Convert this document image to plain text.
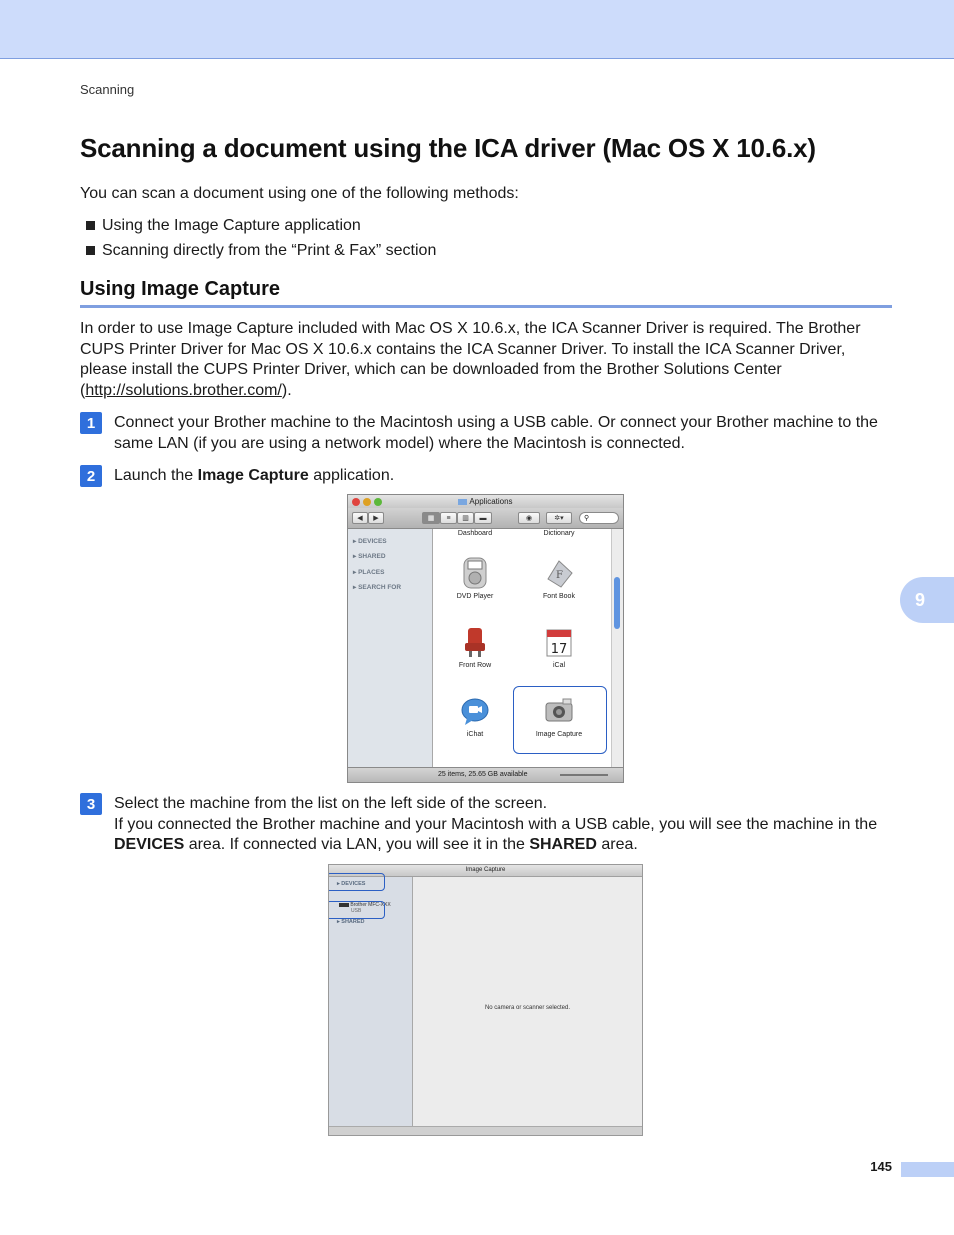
Scanning
Scanning a document using the ICA driver (Mac OS X 10.6.x)

You can scan a document using one of the following methods:

Using the Image Capture application
Scanning directly from the “Print & Fax” section
Using Image Capture

In order to use Image Capture included with Mac OS X 10.6.x, the ICA Scanner Driver is required. The Brother CUPS Printer Driver for Mac OS X 10.6.x contains the ICA Scanner Driver. To install the ICA Scanner Driver, please install the CUPS Printer Driver, which can be downloaded from the Brother Solutions Center (http://solutions.brother.com/).

1	Connect your Brother machine to the Macintosh using a USB cable. Or connect your Brother machine to the same LAN (if you are using a network model) where the Macintosh is connected.

2	Launch the Image Capture application.

Applications
◀	▶	▦	≡	▥	▬	◉	✲▾	⚲
▸ DEVICES
▸ SHARED
▸ PLACES
▸ SEARCH FOR
Dashboard	Dictionary
DVD Player
F
Font Book
Front Row
17
iCal
iChat	Image Capture
25 items, 25.65 GB available
3	Select the machine from the list on the left side of the screen.
If you connected the Brother machine and your Macintosh with a USB cable, you will see the machine in the DEVICES area. If connected via LAN, you will see it in the SHARED area.

Image Capture
▸ DEVICES
Brother MFC-XXX
USB
▸ SHARED
No camera or scanner selected.
9
145
